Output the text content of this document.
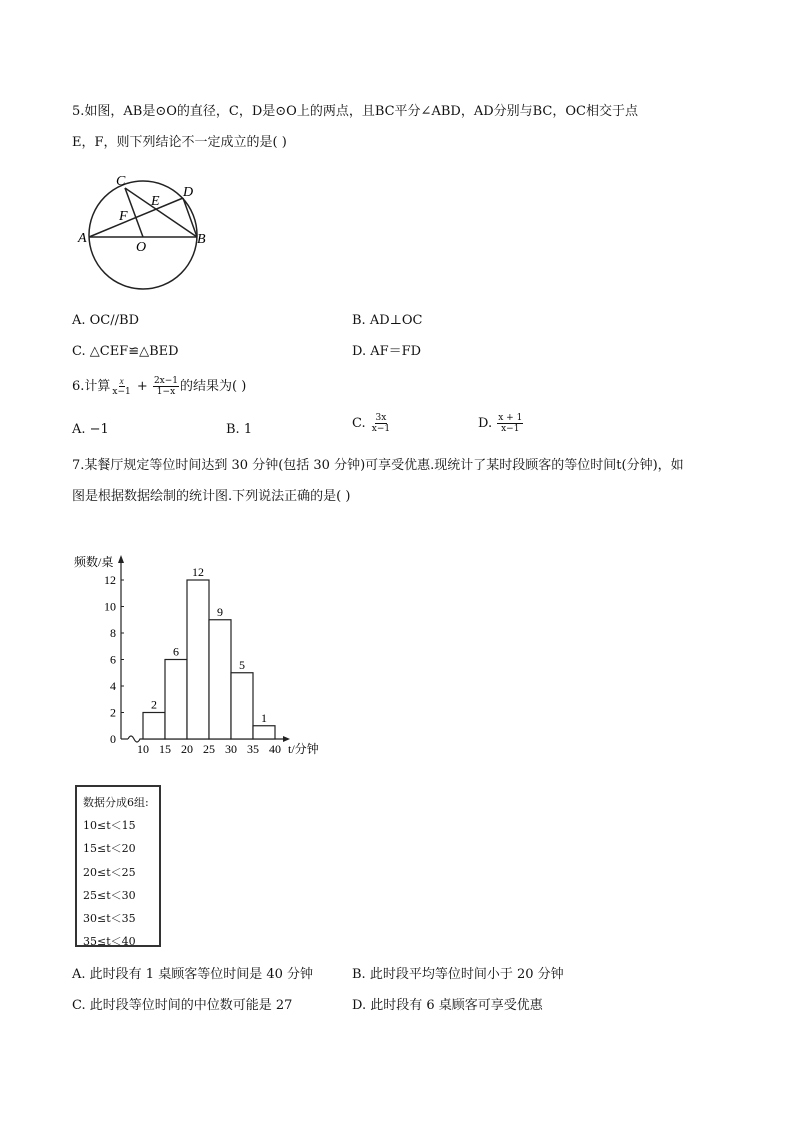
5.如图，AB是⊙O的直径，C，D是⊙O上的两点，且BC平分∠ABD，AD分别与BC，OC相交于点
E，F，则下列结论不一定成立的是( )
C
D
E
F
A
O
B
A. OC//BD	B. AD⊥OC
C. △CEF≌△BED	D. AF＝FD
6.计算 $\frac{x}{x-1} + \frac{2x-1}{1-x}$ 的结果为( )
A. −1	B. 1	C. $\frac{3x}{x-1}$	D. $\frac{x + 1}{x-1}$
7.某餐厅规定等位时间达到 30 分钟(包括 30 分钟)可享受优惠.现统计了某时段顾客的等位时间t(分钟)，如
图是根据数据绘制的统计图.下列说法正确的是( )
0
2
4
6
8
10
12
频数/桌
2
6
12
9
5
1
10 15 20 25 30 35 40 t/分钟
数据分成6组:
10≤t＜15
15≤t＜20
20≤t＜25
25≤t＜30
30≤t＜35
35≤t＜40
A. 此时段有 1 桌顾客等位时间是 40 分钟	B. 此时段平均等位时间小于 20 分钟
C. 此时段等位时间的中位数可能是 27	D. 此时段有 6 桌顾客可享受优惠
